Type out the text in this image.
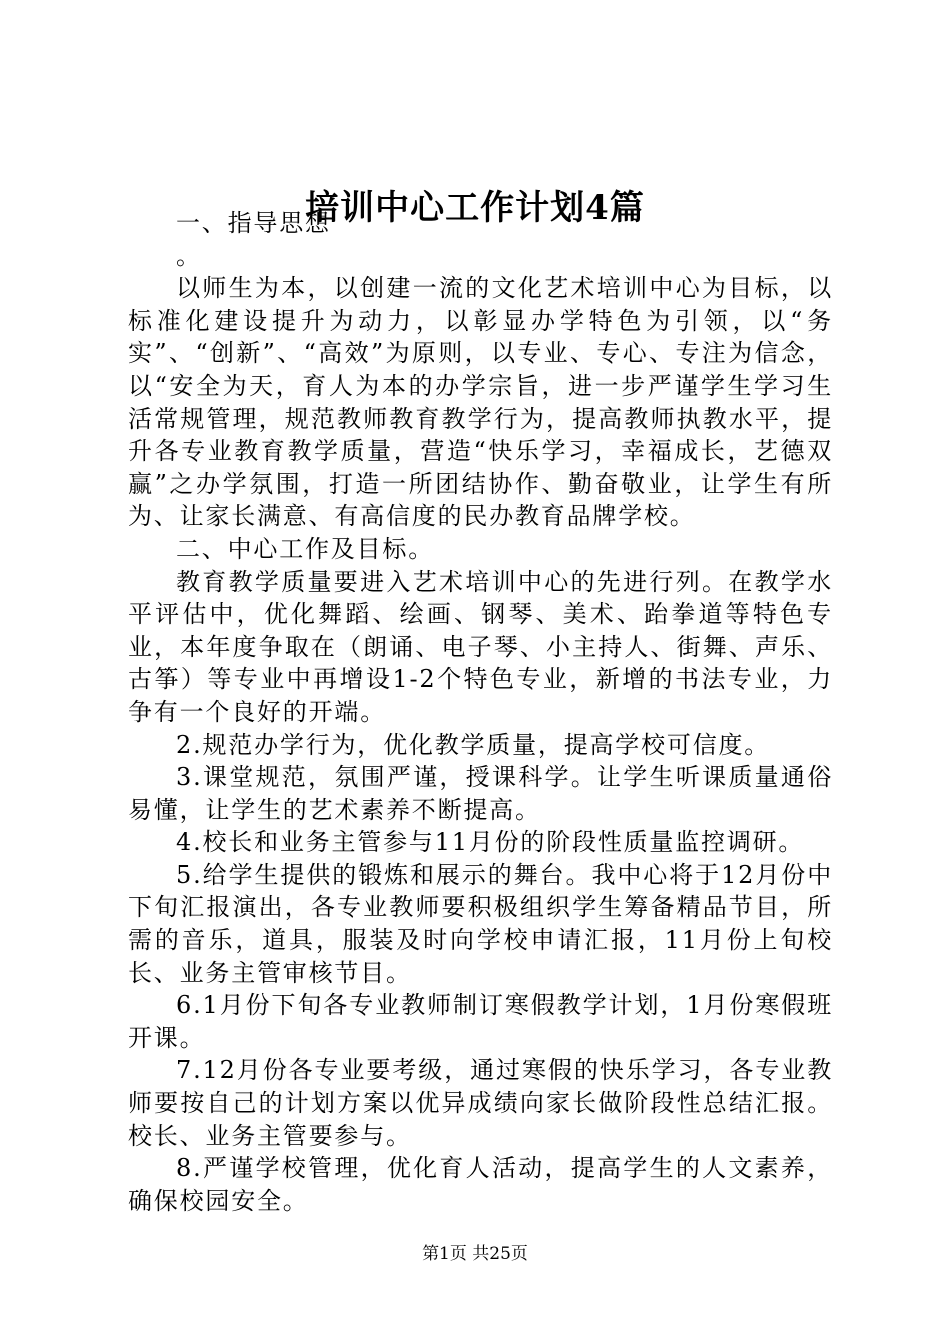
培训中心工作计划4篇

一、指导思想

。

以师生为本，以创建一流的文化艺术培训中心为目标，以标准化建设提升为动力，以彰显办学特色为引领，以“务实”、“创新”、“高效”为原则，以专业、专心、专注为信念，以“安全为天，育人为本的办学宗旨，进一步严谨学生学习生活常规管理，规范教师教育教学行为，提高教师执教水平，提升各专业教育教学质量，营造“快乐学习，幸福成长，艺德双赢”之办学氛围，打造一所团结协作、勤奋敬业，让学生有所为、让家长满意、有高信度的民办教育品牌学校。

二、中心工作及目标。

教育教学质量要进入艺术培训中心的先进行列。在教学水平评估中，优化舞蹈、绘画、钢琴、美术、跆拳道等特色专业，本年度争取在（朗诵、电子琴、小主持人、街舞、声乐、古筝）等专业中再增设1-2个特色专业，新增的书法专业，力争有一个良好的开端。

2.规范办学行为，优化教学质量，提高学校可信度。

3.课堂规范，氛围严谨，授课科学。让学生听课质量通俗易懂，让学生的艺术素养不断提高。

4.校长和业务主管参与11月份的阶段性质量监控调研。

5.给学生提供的锻炼和展示的舞台。我中心将于12月份中下旬汇报演出，各专业教师要积极组织学生筹备精品节目，所需的音乐，道具，服装及时向学校申请汇报，11月份上旬校长、业务主管审核节目。

6.1月份下旬各专业教师制订寒假教学计划，1月份寒假班开课。

7.12月份各专业要考级，通过寒假的快乐学习，各专业教师要按自己的计划方案以优异成绩向家长做阶段性总结汇报。校长、业务主管要参与。

8.严谨学校管理，优化育人活动，提高学生的人文素养，确保校园安全。

第1页 共25页
